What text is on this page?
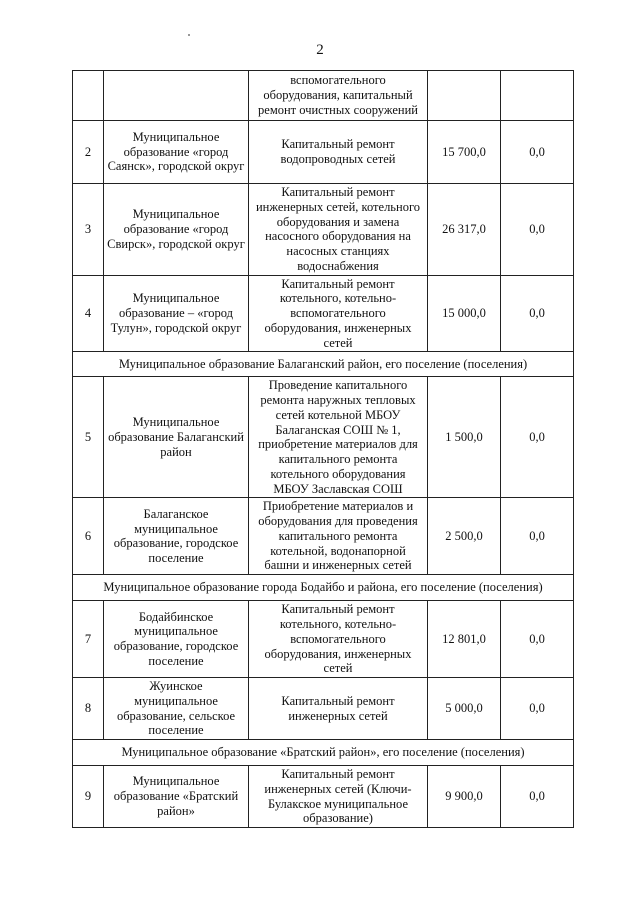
2
		вспомогательного оборудования, капитальный ремонт очистных сооружений		
2	Муниципальное образование «город Саянск», городской округ	Капитальный ремонт водопроводных сетей	15 700,0	0,0
3	Муниципальное образование «город Свирск», городской округ	Капитальный ремонт инженерных сетей, котельного оборудования и замена насосного оборудования на насосных станциях водоснабжения	26 317,0	0,0
4	Муниципальное образование – «город Тулун», городской округ	Капитальный ремонт котельного, котельно-вспомогательного оборудования, инженерных сетей	15 000,0	0,0
Муниципальное образование Балаганский район, его поселение (поселения)				
5	Муниципальное образование Балаганский район	Проведение капитального ремонта наружных тепловых сетей котельной МБОУ Балаганская СОШ № 1, приобретение материалов для капитального ремонта котельного оборудования МБОУ Заславская СОШ	1 500,0	0,0
6	Балаганское муниципальное образование, городское поселение	Приобретение материалов и оборудования для проведения капитального ремонта котельной, водонапорной башни и инженерных сетей	2 500,0	0,0
Муниципальное образование города Бодайбо и района, его поселение (поселения)				
7	Бодайбинское муниципальное образование, городское поселение	Капитальный ремонт котельного, котельно-вспомогательного оборудования, инженерных сетей	12 801,0	0,0
8	Жуинское муниципальное образование, сельское поселение	Капитальный ремонт инженерных сетей	5 000,0	0,0
Муниципальное образование «Братский район», его поселение (поселения)				
9	Муниципальное образование «Братский район»	Капитальный ремонт инженерных сетей (Ключи-Булакское муниципальное образование)	9 900,0	0,0
